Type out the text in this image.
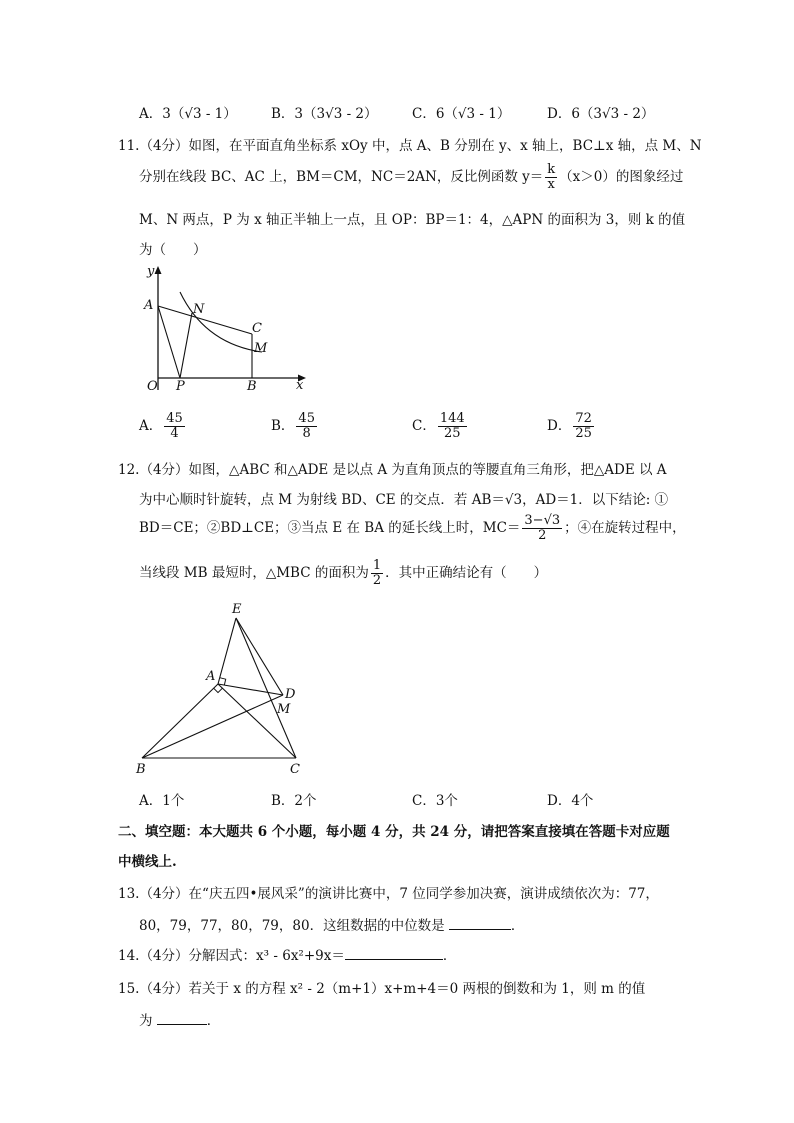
A．3（√3 - 1）	B．3（3√3 - 2）	C．6（√3 - 1）	D．6（3√3 - 2）
11.（4分）如图，在平面直角坐标系 xOy 中，点 A、B 分别在 y、x 轴上，BC⊥x 轴，点 M、N
分别在线段 BC、AC 上，BM＝CM，NC＝2AN，反比例函数 $y= \frac{k}{x} (x>0)$的图象经过
M、N 两点，P 为 x 轴正半轴上一点，且 OP：BP＝1：4，△APN 的面积为 3，则 k 的值
为（　　）
y
x
O
A	N
C
M
P	B
A． $\frac{45}{4}$	B． $\frac{45}{8}$	C． $\frac{144}{25}$	D． $\frac{72}{25}$
12.（4分）如图，△ABC 和△ADE 是以点 A 为直角顶点的等腰直角三角形，把△ADE 以 A
为中心顺时针旋转，点 M 为射线 BD、CE 的交点．若 AB＝√3，AD＝1．以下结论: ①
BD＝CE；②BD⊥CE；③当点 E 在 BA 的延长线上时，$MC= \frac{3-√3}{2}$ ；④在旋转过程中，
当线段 MB 最短时，△MBC 的面积为 $\frac{1}{2}$ ．其中正确结论有（　　）
E
A
D
M
B	C
A．1个	B．2个	C．3个	D．4个
二、填空题：本大题共 6 个小题，每小题 4 分，共 24 分，请把答案直接填在答题卡对应题
中横线上.
13.（4分）在“庆五四•展风采”的演讲比赛中，7 位同学参加决赛，演讲成绩依次为：77，
80，79，77，80，79，80．这组数据的中位数是	．
14.（4分）分解因式：x³ - 6x²+9x＝	．
15.（4分）若关于 x 的方程 x² - 2（m+1）x+m+4＝0 两根的倒数和为 1，则 m 的值
为	．
